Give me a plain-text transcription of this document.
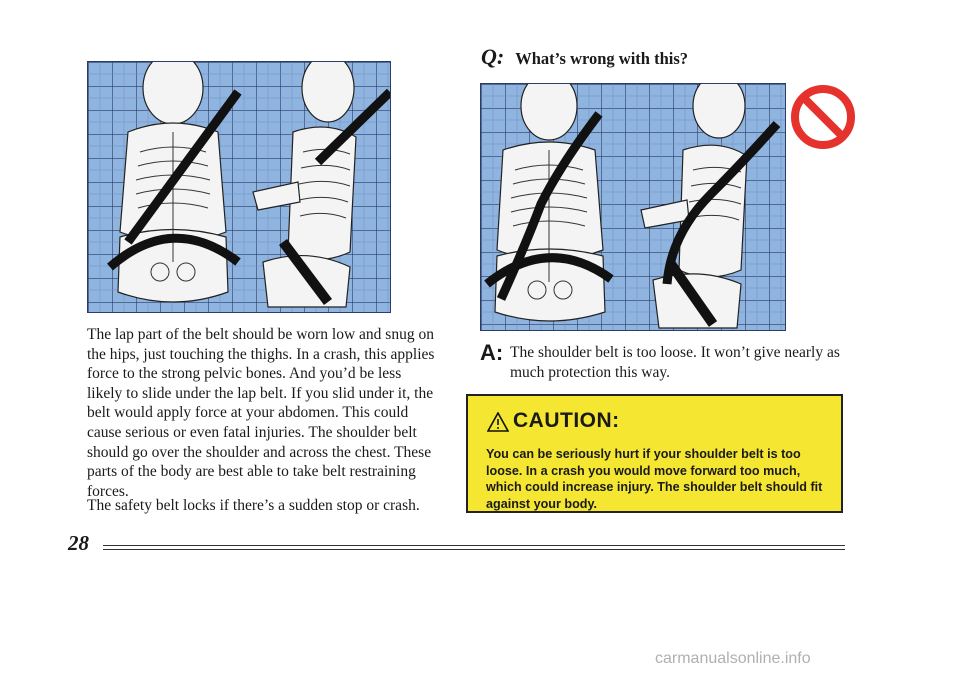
The lap part of the belt should be worn low and snug on the hips, just touching the thighs. In a crash, this applies force to the strong pelvic bones. And you’d be less likely to slide under the lap belt. If you slid under it, the belt would apply force at your abdomen. This could cause serious or even fatal injuries. The shoulder belt should go over the shoulder and across the chest. These parts of the body are best able to take belt restraining forces.

The safety belt locks if there’s a sudden stop or crash.

Q: What’s wrong with this?
A: The shoulder belt is too loose. It won’t give nearly as much protection this way.

CAUTION:

You can be seriously hurt if your shoulder belt is too loose. In a crash you would move forward too much, which could increase injury. The shoulder belt should fit against your body.

28
carmanualsonline.info
